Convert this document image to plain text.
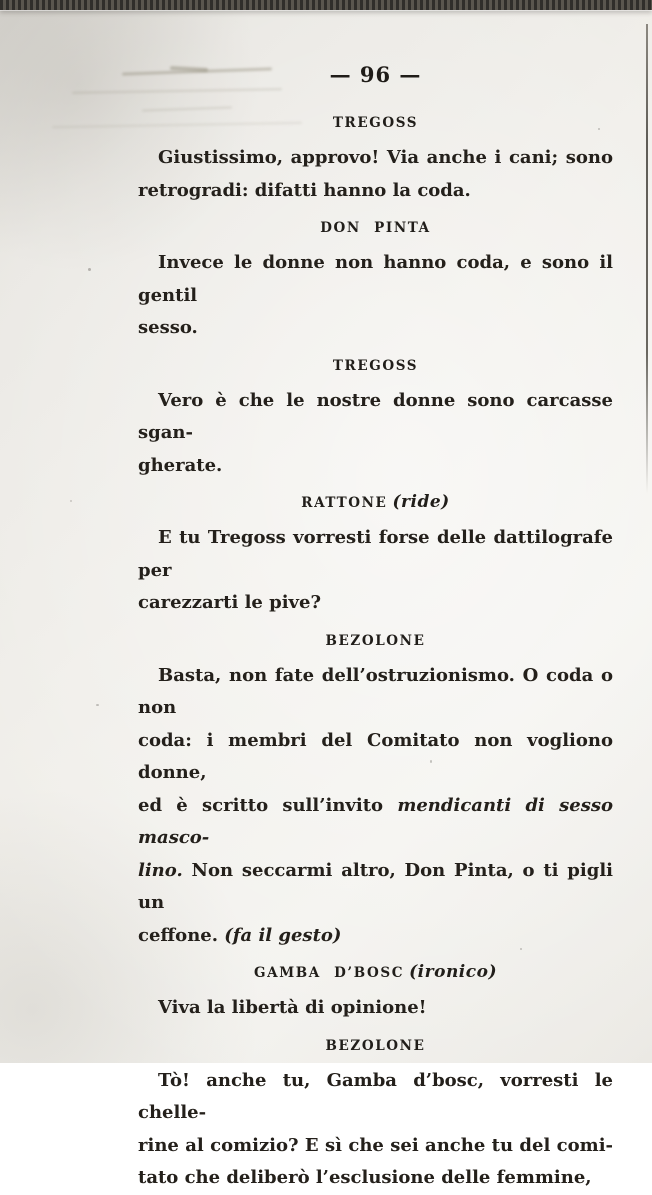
— 96 —
TREGOSS
Giustissimo, approvo! Via anche i cani; sono
retrogradi: difatti hanno la coda.
DON PINTA
Invece le donne non hanno coda, e sono il gentil
sesso.
TREGOSS
Vero è che le nostre donne sono carcasse sgan-
gherate.
RATTONE (ride)
E tu Tregoss vorresti forse delle dattilografe per
carezzarti le pive?
BEZOLONE
Basta, non fate dell’ostruzionismo. O coda o non
coda: i membri del Comitato non vogliono donne,
ed è scritto sull’invito mendicanti di sesso masco-
lino. Non seccarmi altro, Don Pinta, o ti pigli un
ceffone. (fa il gesto)
GAMBA D’BOSC (ironico)
Viva la libertà di opinione!
BEZOLONE
Tò! anche tu, Gamba d’bosc, vorresti le chelle-
rine al comizio? E sì che sei anche tu del comi-
tato che deliberò l’esclusione delle femmine,
